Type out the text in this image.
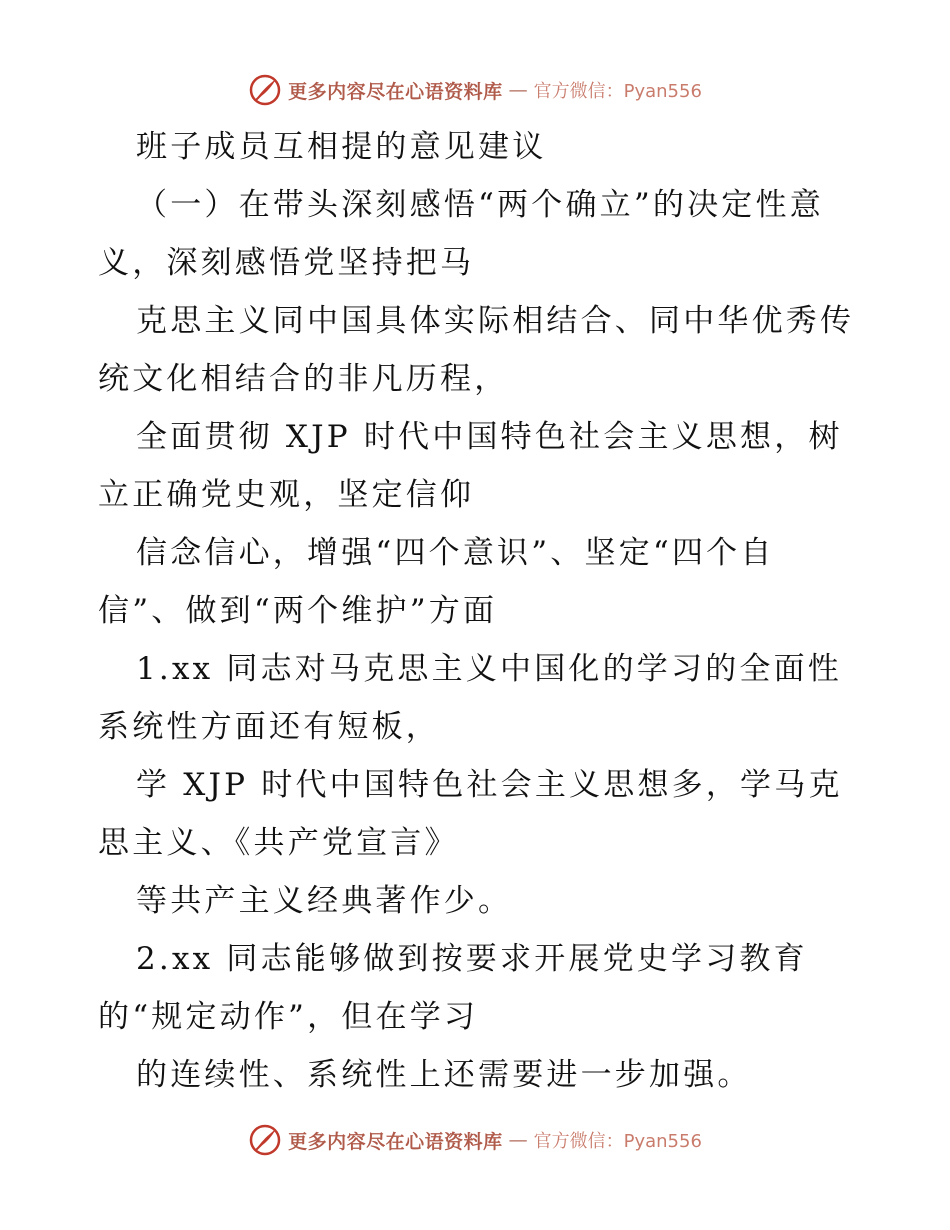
更多内容尽在心语资料库 — 官方微信：Pyan556
班子成员互相提的意见建议
（一）在带头深刻感悟“两个确立”的决定性意
义，深刻感悟党坚持把马
克思主义同中国具体实际相结合、同中华优秀传
统文化相结合的非凡历程，
全面贯彻 XJP 时代中国特色社会主义思想，树
立正确党史观，坚定信仰
信念信心，增强“四个意识”、坚定“四个自
信”、做到“两个维护”方面
1.xx 同志对马克思主义中国化的学习的全面性
系统性方面还有短板，
学 XJP 时代中国特色社会主义思想多，学马克
思主义、《共产党宣言》
等共产主义经典著作少。
2.xx 同志能够做到按要求开展党史学习教育
的“规定动作”，但在学习
的连续性、系统性上还需要进一步加强。
更多内容尽在心语资料库 — 官方微信：Pyan556
